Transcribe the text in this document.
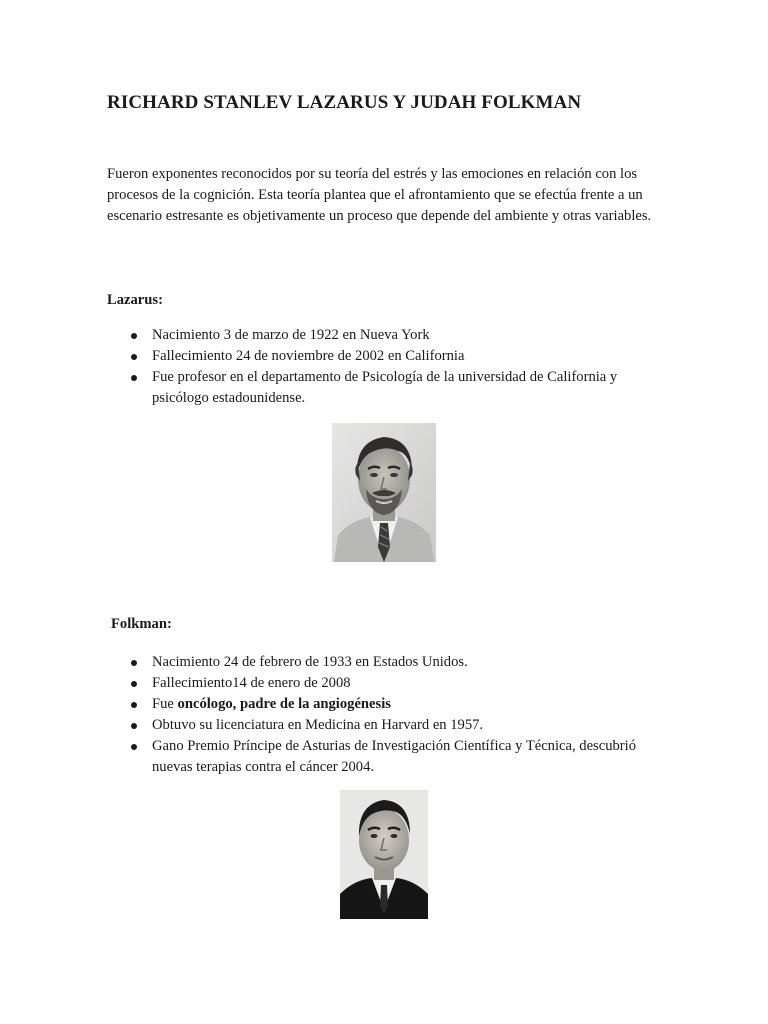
RICHARD STANLEV LAZARUS Y JUDAH FOLKMAN

Fueron exponentes reconocidos por su teoría del estrés y las emociones en relación con los procesos de la cognición. Esta teoría plantea que el afrontamiento que se efectúa frente a un escenario estresante es objetivamente un proceso que depende del ambiente y otras variables.

Lazarus:
Nacimiento 3 de marzo de 1922 en Nueva York
Fallecimiento 24 de noviembre de 2002 en California
Fue profesor en el departamento de Psicología de la universidad de California y psicólogo estadounidense.
Folkman:
Nacimiento 24 de febrero de 1933 en Estados Unidos.
Fallecimiento14 de enero de 2008
Fue oncólogo, padre de la angiogénesis
Obtuvo su licenciatura en Medicina en Harvard en 1957.
Gano Premio Príncipe de Asturias de Investigación Científica y Técnica, descubrió nuevas terapias contra el cáncer 2004.
